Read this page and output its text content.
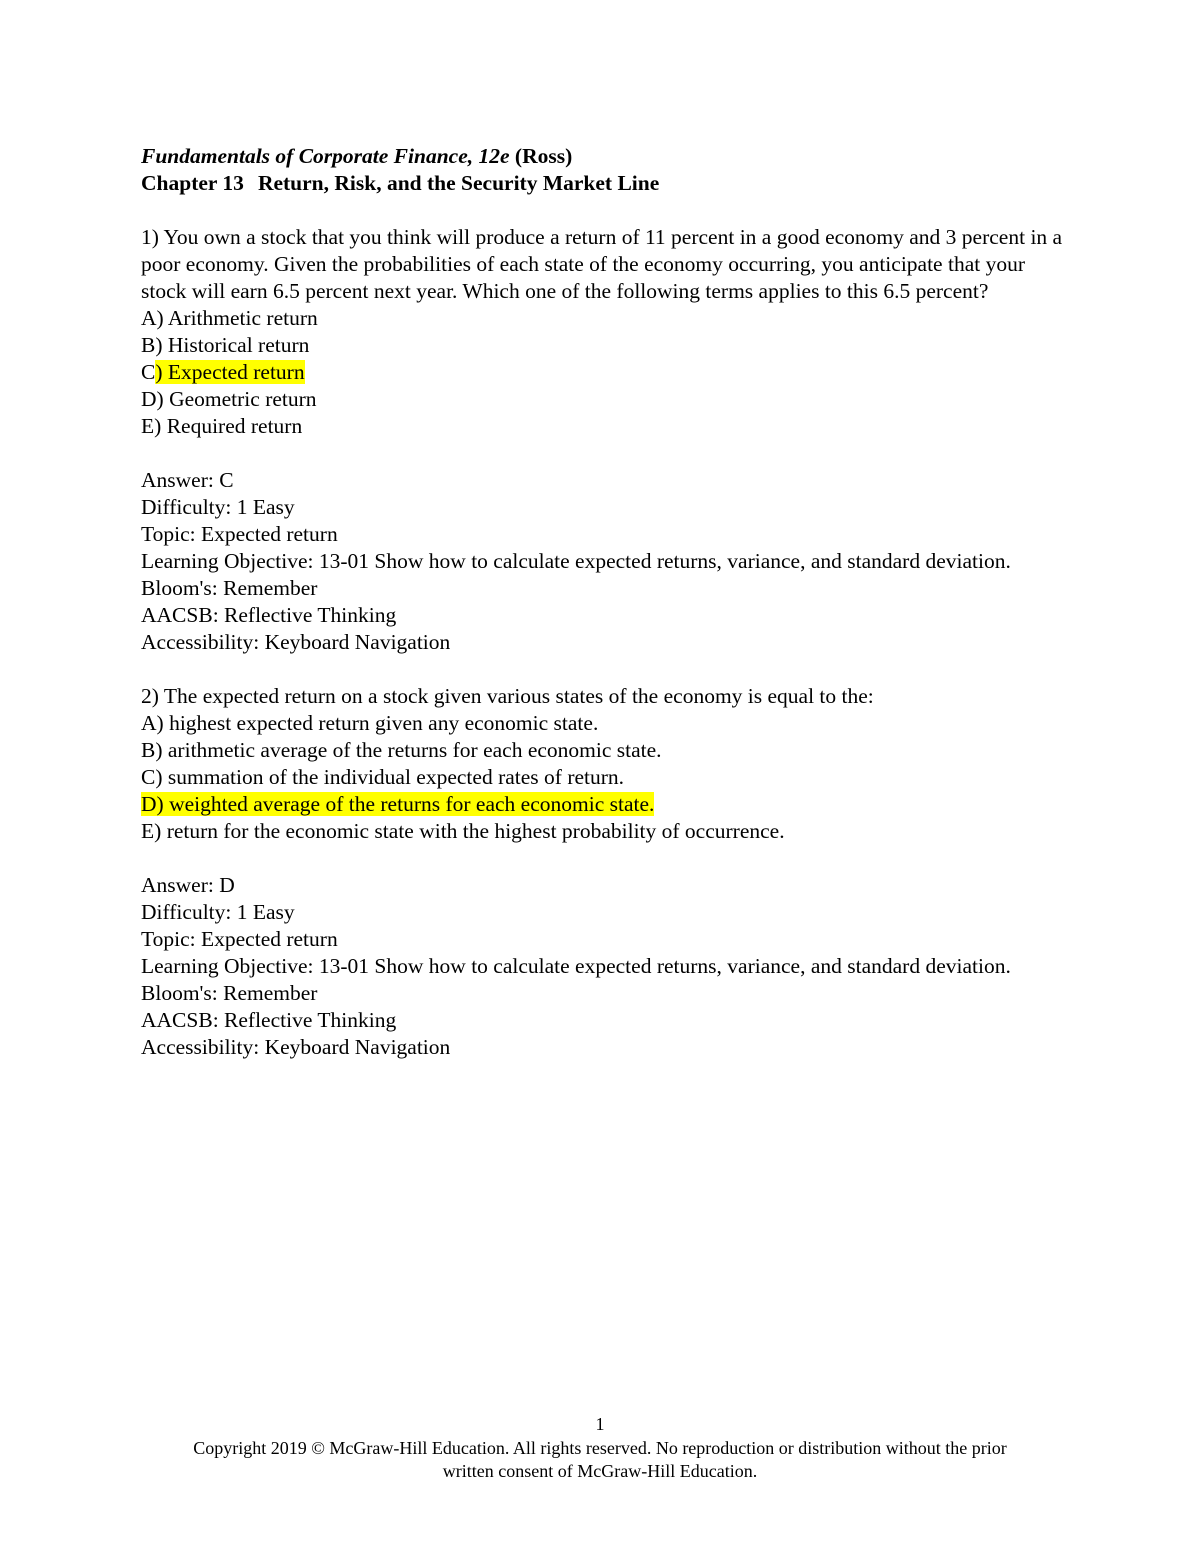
Fundamentals of Corporate Finance, 12e (Ross)
Chapter 13 Return, Risk, and the Security Market Line
1) You own a stock that you think will produce a return of 11 percent in a good economy and 3 percent in a poor economy. Given the probabilities of each state of the economy occurring, you anticipate that your stock will earn 6.5 percent next year. Which one of the following terms applies to this 6.5 percent?
A) Arithmetic return
B) Historical return
C) Expected return
D) Geometric return
E) Required return
Answer: C
Difficulty: 1 Easy
Topic: Expected return
Learning Objective: 13-01 Show how to calculate expected returns, variance, and standard deviation.
Bloom's: Remember
AACSB: Reflective Thinking
Accessibility: Keyboard Navigation
2) The expected return on a stock given various states of the economy is equal to the:
A) highest expected return given any economic state.
B) arithmetic average of the returns for each economic state.
C) summation of the individual expected rates of return.
D) weighted average of the returns for each economic state.
E) return for the economic state with the highest probability of occurrence.
Answer: D
Difficulty: 1 Easy
Topic: Expected return
Learning Objective: 13-01 Show how to calculate expected returns, variance, and standard deviation.
Bloom's: Remember
AACSB: Reflective Thinking
Accessibility: Keyboard Navigation
1
Copyright 2019 © McGraw-Hill Education. All rights reserved. No reproduction or distribution without the prior
written consent of McGraw-Hill Education.
